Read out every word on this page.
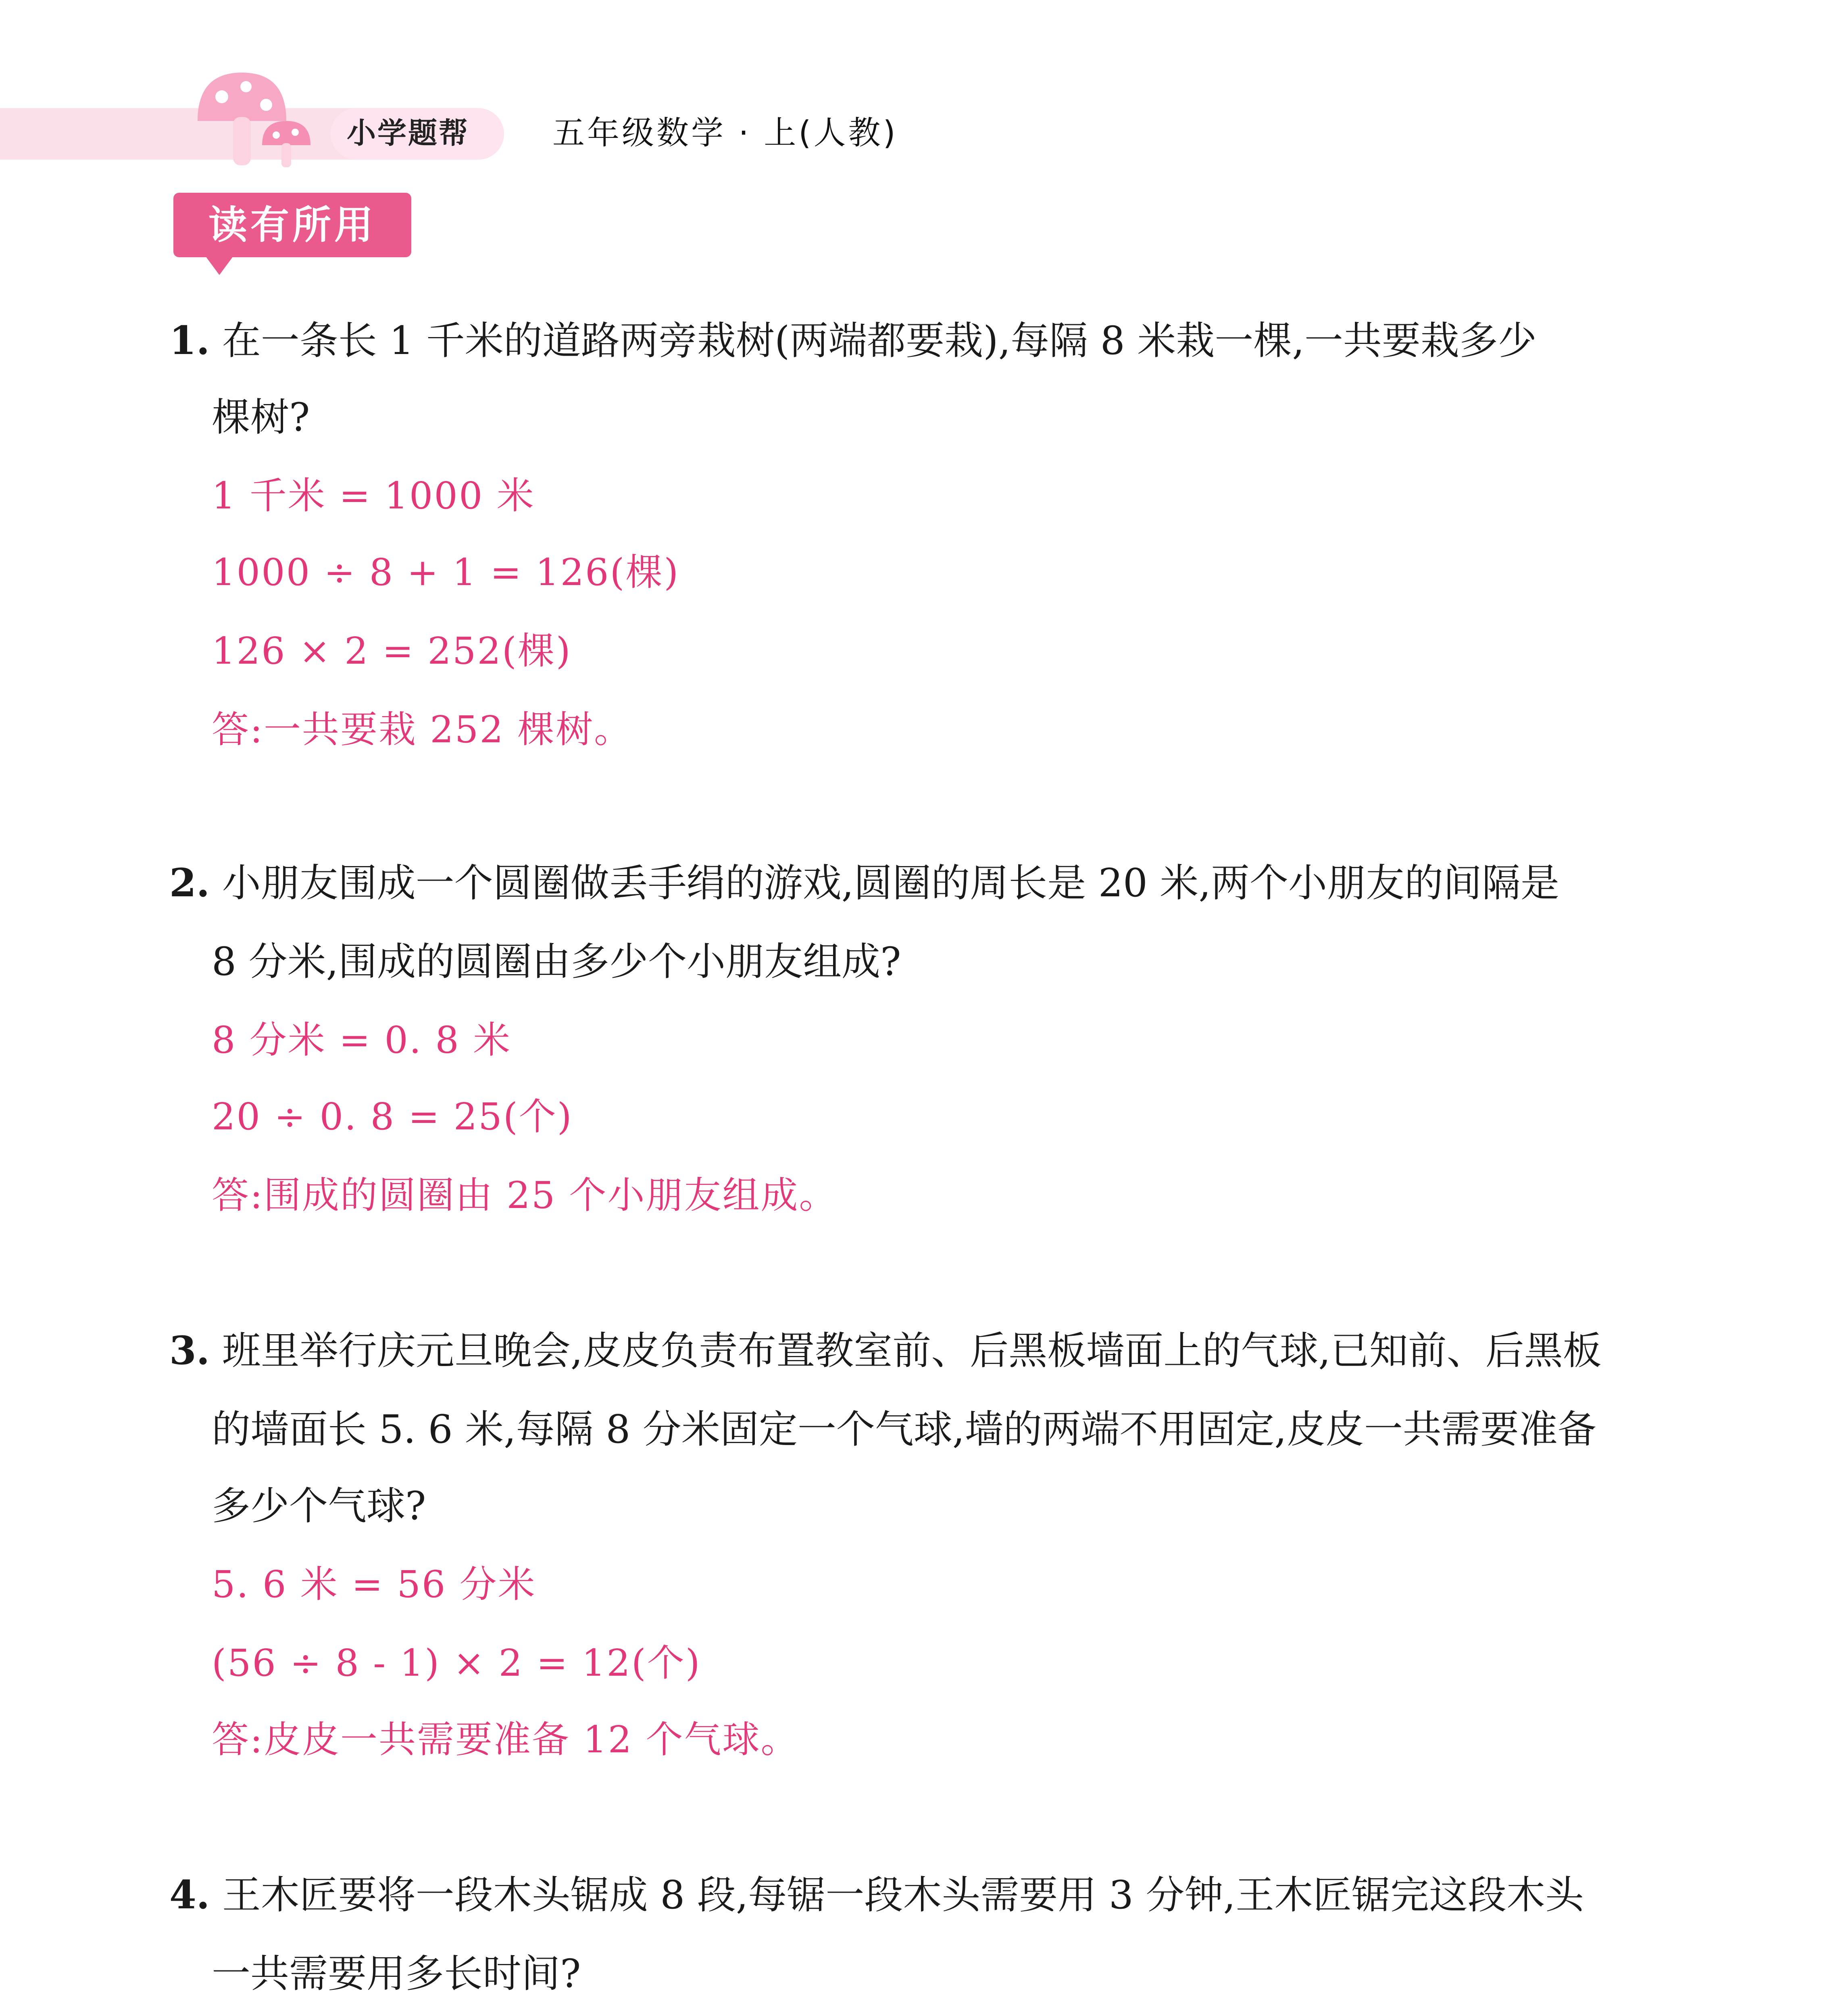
小学题帮	五年级数学 · 上(人教)
读有所用
1. 在一条长 1 千米的道路两旁栽树(两端都要栽),每隔 8 米栽一棵,一共要栽多少
棵树?
1 千米 = 1000 米
1000 ÷ 8 + 1 = 126(棵)
126 × 2 = 252(棵)
答:一共要栽 252 棵树。
2. 小朋友围成一个圆圈做丢手绢的游戏,圆圈的周长是 20 米,两个小朋友的间隔是
8 分米,围成的圆圈由多少个小朋友组成?
8 分米 = 0. 8 米
20 ÷ 0. 8 = 25(个)
答:围成的圆圈由 25 个小朋友组成。
3. 班里举行庆元旦晚会,皮皮负责布置教室前、后黑板墙面上的气球,已知前、后黑板
的墙面长 5. 6 米,每隔 8 分米固定一个气球,墙的两端不用固定,皮皮一共需要准备
多少个气球?
5. 6 米 = 56 分米
(56 ÷ 8 - 1) × 2 = 12(个)
答:皮皮一共需要准备 12 个气球。
4. 王木匠要将一段木头锯成 8 段,每锯一段木头需要用 3 分钟,王木匠锯完这段木头
一共需要用多长时间?
